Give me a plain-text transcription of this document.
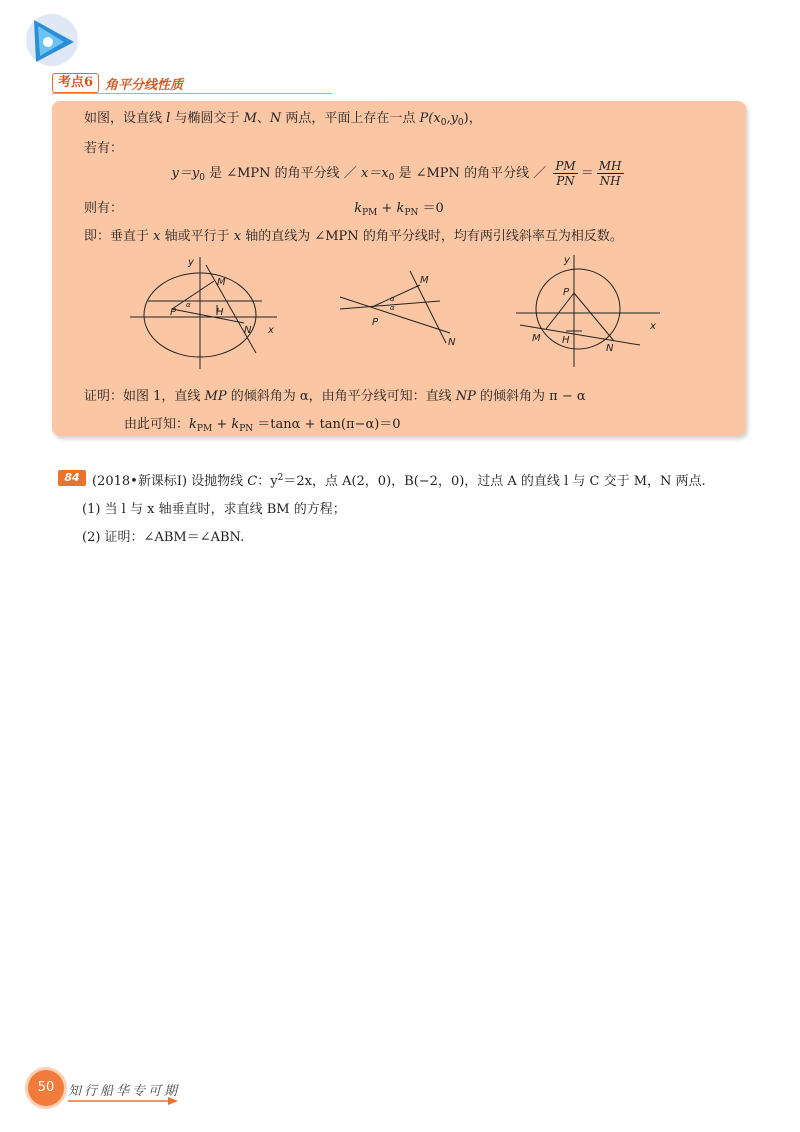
考点6 角平分线性质
如图，设直线 l 与椭圆交于 M、N 两点，平面上存在一点 $P(x_0,y_0)$，
若有：
$y=y_0$ 是 ∠MPN 的角平分线 ／ $x=x_0$ 是 ∠MPN 的角平分线 ／ $\frac{PM}{PN} = \frac{MH}{NH}$
则有：	$k_{PM} + k_{PN} =0$
即：垂直于 x 轴或平行于 x 轴的直线为 ∠MPN 的角平分线时，均有两引线斜率互为相反数。
y
x
M
N
P	H
α
M
N
P
α
α
y
x
P
M H
N
证明：如图 1，直线 MP 的倾斜角为 α，由角平分线可知：直线 NP 的倾斜角为 π − α
由此可知：$k_{PM} + k_{PN} =\tan\alpha + \tan(\pi-\alpha)=0$
84 (2018•新课标Ⅰ) 设抛物线 C：$y^2=2x$，点 A(2，0)，B(−2，0)，过点 A 的直线 l 与 C 交于 M，N 两点.
(1) 当 l 与 x 轴垂直时，求直线 BM 的方程；
(2) 证明：∠ABM＝∠ABN.
50	知行船华专可期
